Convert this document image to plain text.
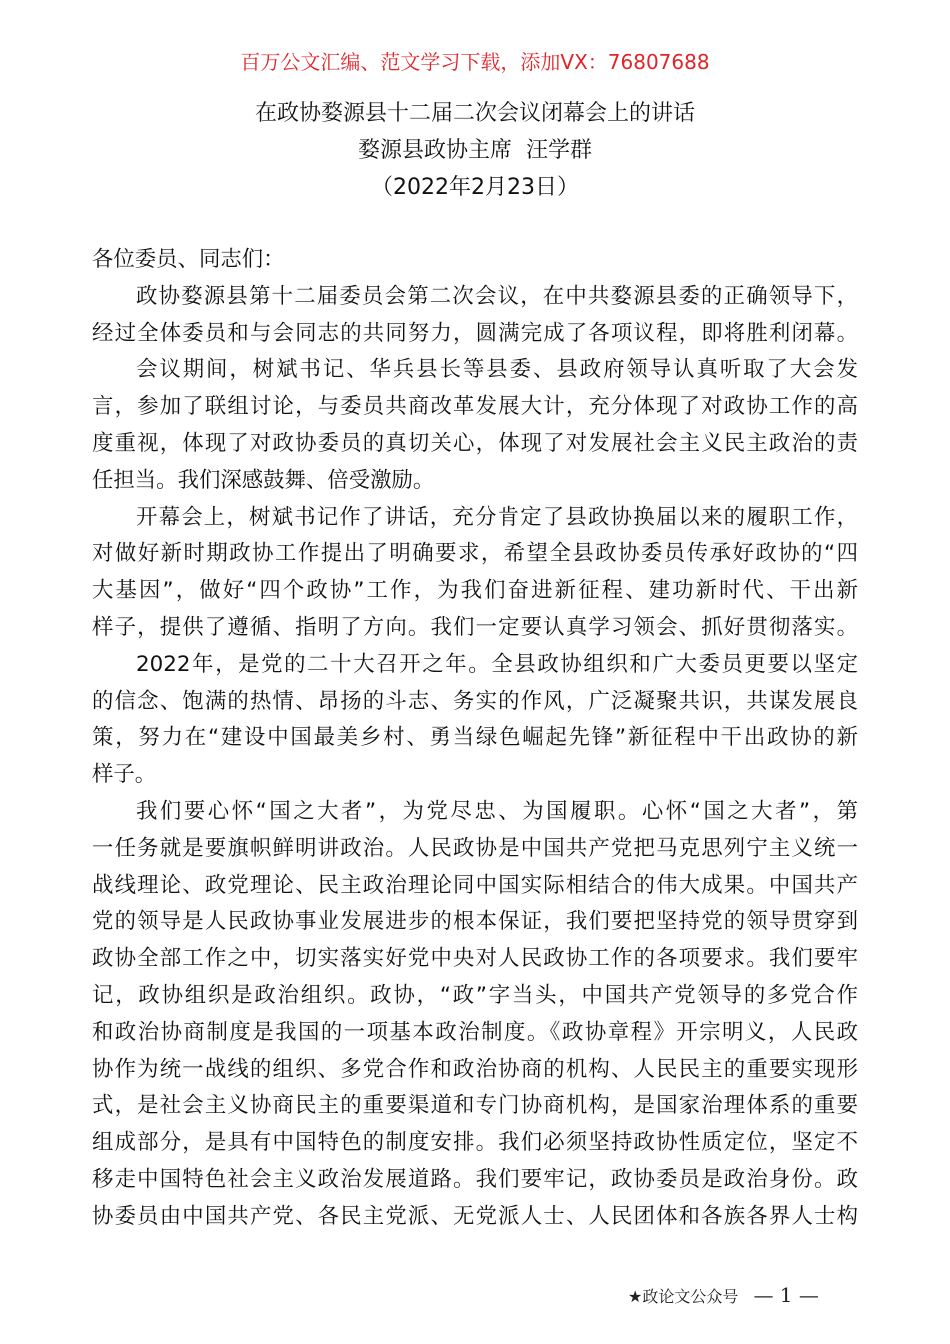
百万公文汇编、范文学习下载，添加VX：76807688
在政协婺源县十二届二次会议闭幕会上的讲话
婺源县政协主席  汪学群
（2022年2月23日）
各位委员、同志们：
政协婺源县第十二届委员会第二次会议，在中共婺源县委的正确领导下，
经过全体委员和与会同志的共同努力，圆满完成了各项议程，即将胜利闭幕。
会议期间，树斌书记、华兵县长等县委、县政府领导认真听取了大会发
言，参加了联组讨论，与委员共商改革发展大计，充分体现了对政协工作的高
度重视，体现了对政协委员的真切关心，体现了对发展社会主义民主政治的责
任担当。我们深感鼓舞、倍受激励。
开幕会上，树斌书记作了讲话，充分肯定了县政协换届以来的履职工作，
对做好新时期政协工作提出了明确要求，希望全县政协委员传承好政协的“四
大基因”，做好“四个政协”工作，为我们奋进新征程、建功新时代、干出新
样子，提供了遵循、指明了方向。我们一定要认真学习领会、抓好贯彻落实。
2022年，是党的二十大召开之年。全县政协组织和广大委员更要以坚定
的信念、饱满的热情、昂扬的斗志、务实的作风，广泛凝聚共识，共谋发展良
策，努力在“建设中国最美乡村、勇当绿色崛起先锋”新征程中干出政协的新
样子。
我们要心怀“国之大者”，为党尽忠、为国履职。心怀“国之大者”，第
一任务就是要旗帜鲜明讲政治。人民政协是中国共产党把马克思列宁主义统一
战线理论、政党理论、民主政治理论同中国实际相结合的伟大成果。中国共产
党的领导是人民政协事业发展进步的根本保证，我们要把坚持党的领导贯穿到
政协全部工作之中，切实落实好党中央对人民政协工作的各项要求。我们要牢
记，政协组织是政治组织。政协，“政”字当头，中国共产党领导的多党合作
和政治协商制度是我国的一项基本政治制度。《政协章程》开宗明义，人民政
协作为统一战线的组织、多党合作和政治协商的机构、人民民主的重要实现形
式，是社会主义协商民主的重要渠道和专门协商机构，是国家治理体系的重要
组成部分，是具有中国特色的制度安排。我们必须坚持政协性质定位，坚定不
移走中国特色社会主义政治发展道路。我们要牢记，政协委员是政治身份。政
协委员由中国共产党、各民主党派、无党派人士、人民团体和各族各界人士构
★政论文公众号 — 1 —
